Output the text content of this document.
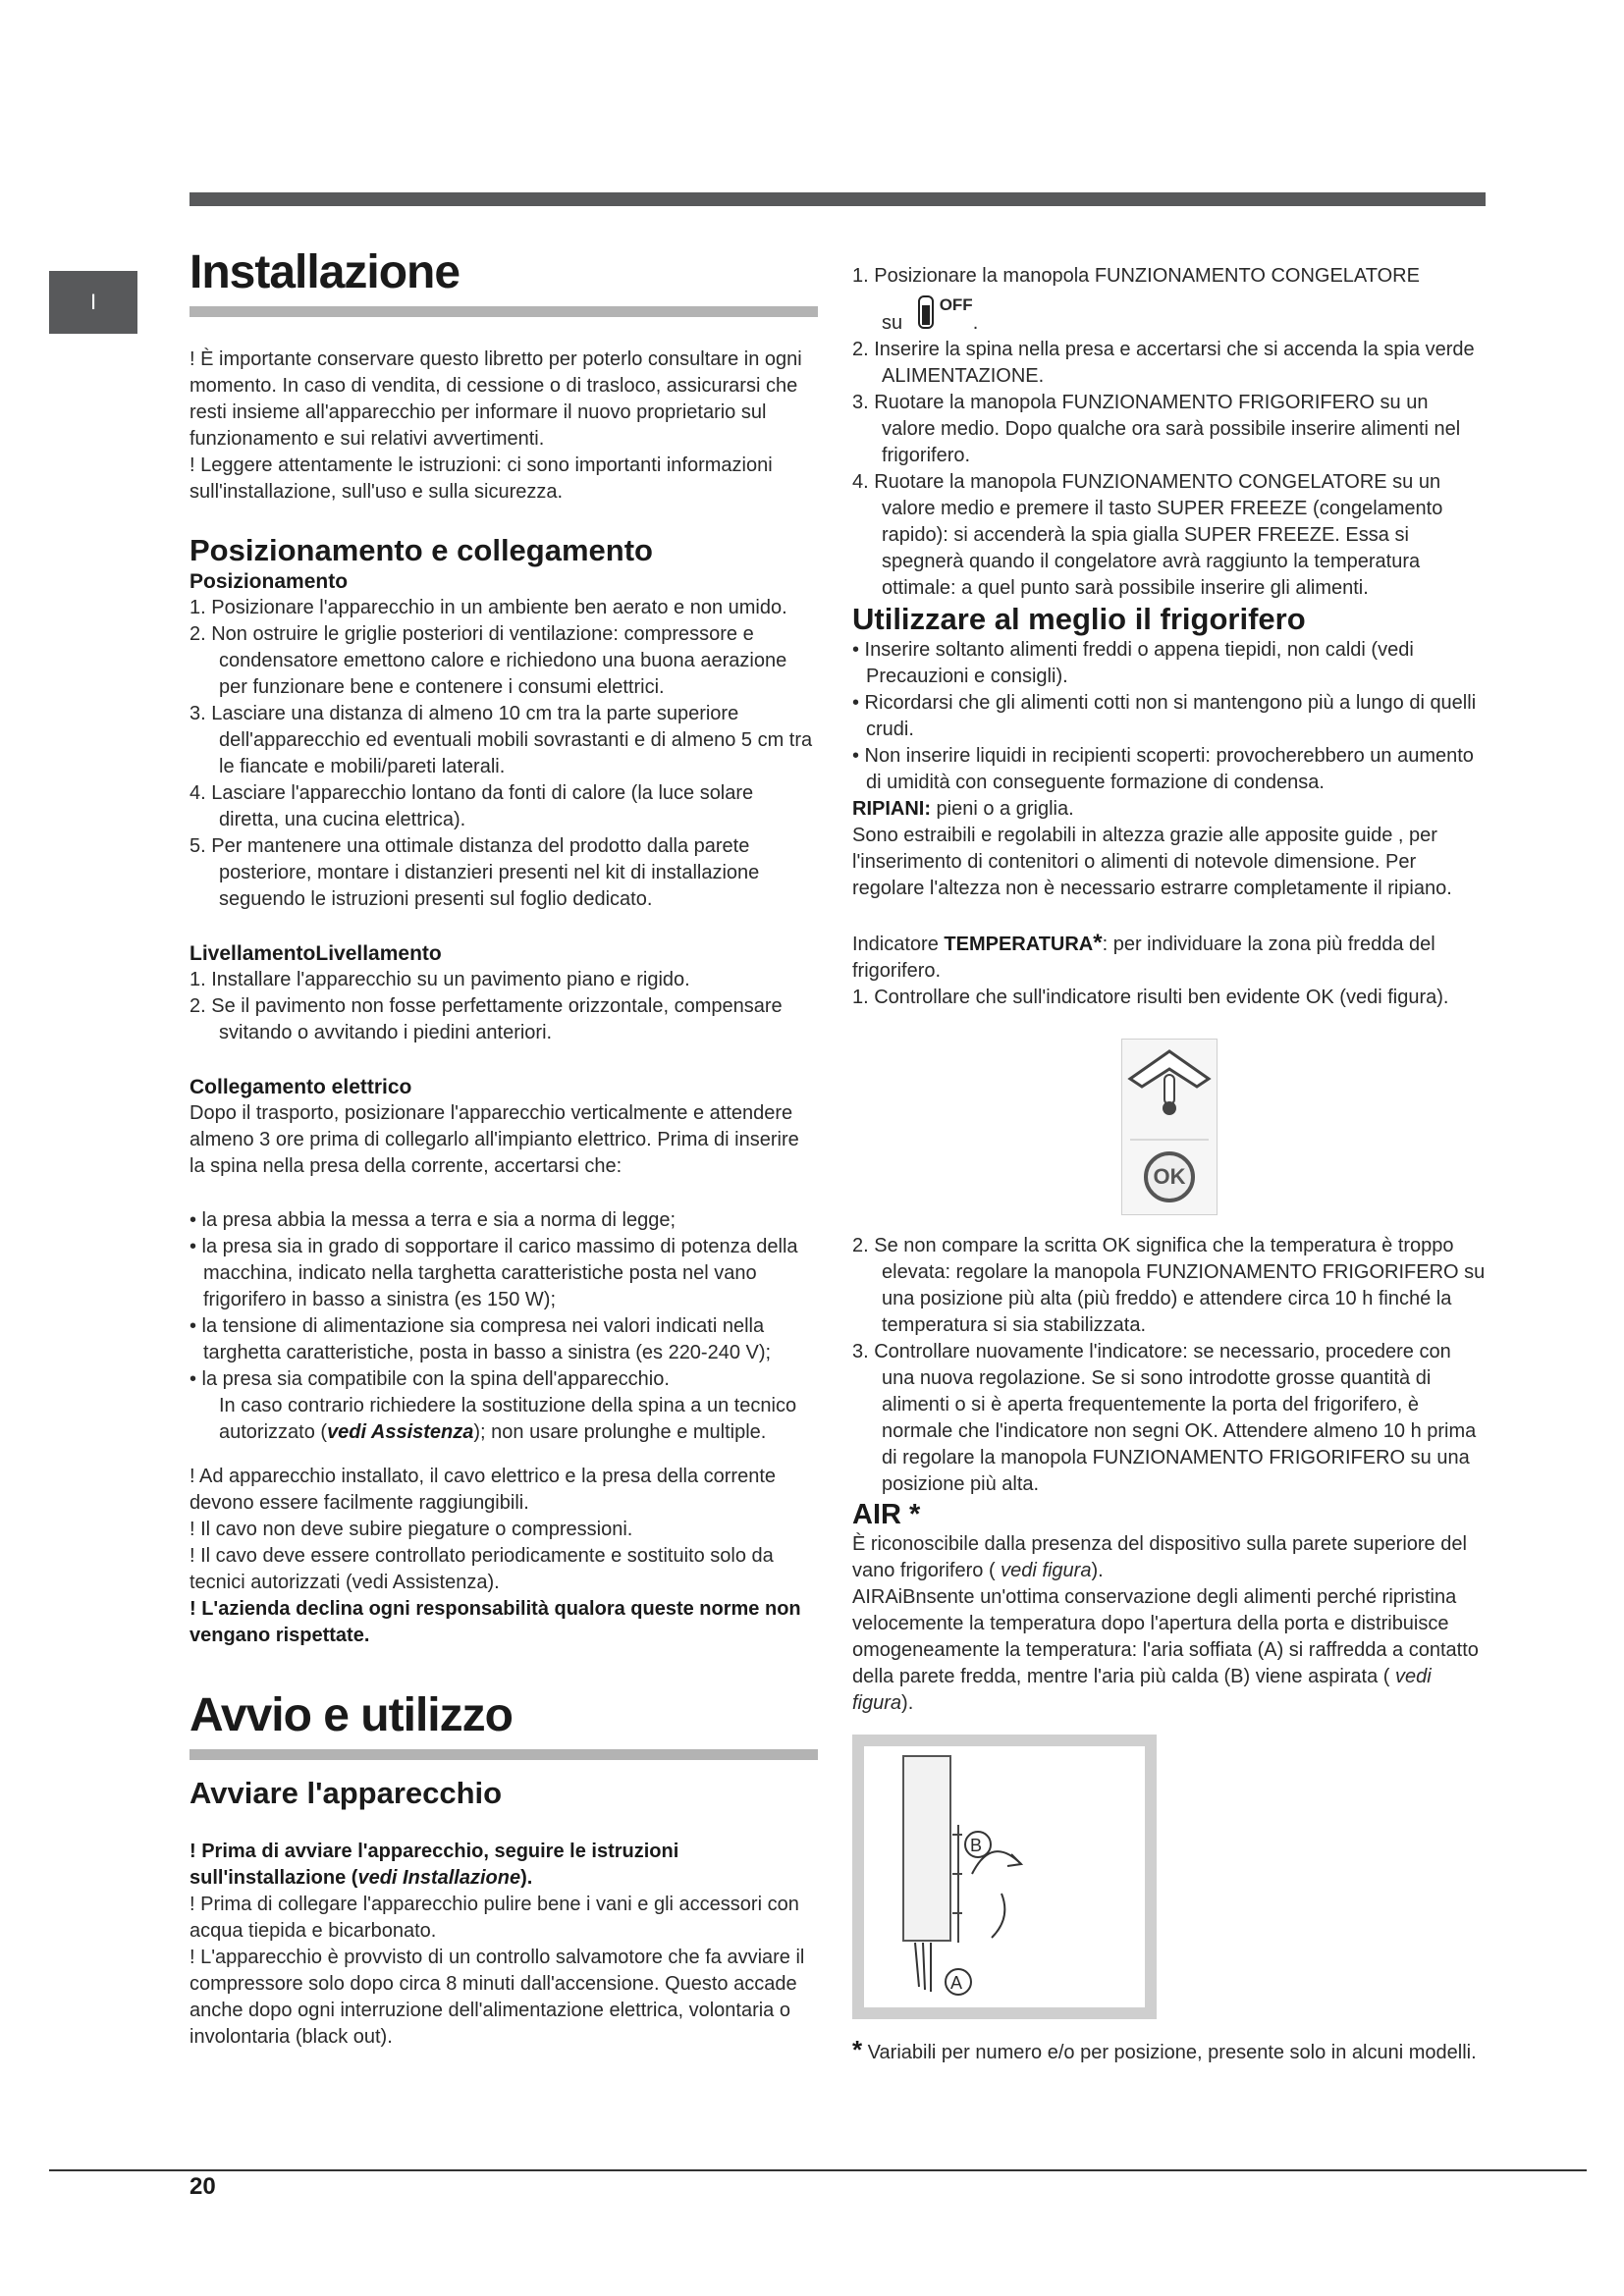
I
Installazione

! È importante conservare questo libretto per poterlo consultare in ogni momento. In caso di vendita, di cessione o di trasloco, assicurarsi che resti insieme all'apparecchio per informare il nuovo proprietario sul funzionamento e sui relativi avvertimenti.

! Leggere attentamente le istruzioni: ci sono importanti informazioni sull'installazione, sull'uso e sulla sicurezza.

Posizionamento e collegamento
Posizionamento
1. Posizionare l'apparecchio in un ambiente ben aerato e non umido.
2. Non ostruire le griglie posteriori di ventilazione: compressore e condensatore emettono calore e richiedono una buona aerazione per funzionare bene e contenere i consumi elettrici.
3. Lasciare una distanza di almeno 10 cm tra la parte superiore dell'apparecchio ed eventuali mobili sovrastanti e di almeno 5 cm tra le fiancate e mobili/pareti laterali.
4. Lasciare l'apparecchio lontano da fonti di calore (la luce solare diretta, una cucina elettrica).
5. Per mantenere una ottimale distanza del prodotto dalla parete posteriore, montare i distanzieri presenti nel kit di installazione seguendo le istruzioni presenti sul foglio dedicato.
LivellamentoLivellamento
1. Installare l'apparecchio su un pavimento piano e rigido.
2. Se il pavimento non fosse perfettamente orizzontale, compensare svitando o avvitando i piedini anteriori.
Collegamento elettrico

Dopo il trasporto, posizionare l'apparecchio verticalmente e attendere almeno 3 ore prima di collegarlo all'impianto elettrico. Prima di inserire la spina nella presa della corrente, accertarsi che:

• la presa abbia la messa a terra e sia a norma di legge;
• la presa sia in grado di sopportare il carico massimo di potenza della macchina, indicato nella targhetta caratteristiche posta nel vano frigorifero in basso a sinistra (es 150 W);
• la tensione di alimentazione sia compresa nei valori indicati nella targhetta caratteristiche, posta in basso a sinistra (es 220-240 V);
• la presa sia compatibile con la spina dell'apparecchio.

In caso contrario richiedere la sostituzione della spina a un tecnico autorizzato (vedi Assistenza); non usare prolunghe e multiple.

! Ad apparecchio installato, il cavo elettrico e la presa della corrente devono essere facilmente raggiungibili.

! Il cavo non deve subire piegature o compressioni.

! Il cavo deve essere controllato periodicamente e sostituito solo da tecnici autorizzati (vedi Assistenza).

! L'azienda declina ogni responsabilità qualora queste norme non vengano rispettate.

Avvio e utilizzo
Avviare l'apparecchio

! Prima di avviare l'apparecchio, seguire le istruzioni sull'installazione (vedi Installazione).

! Prima di collegare l'apparecchio pulire bene i vani e gli accessori con acqua tiepida e bicarbonato.

! L'apparecchio è provvisto di un controllo salvamotore che fa avviare il compressore solo dopo circa 8 minuti dall'accensione. Questo accade anche dopo ogni interruzione dell'alimentazione elettrica, volontaria o involontaria (black out).

1. Posizionare la manopola FUNZIONAMENTO CONGELATORE

su
OFF
.

2. Inserire la spina nella presa e accertarsi che si accenda la spia verde ALIMENTAZIONE.
3. Ruotare la manopola FUNZIONAMENTO FRIGORIFERO su un valore medio. Dopo qualche ora sarà possibile inserire alimenti nel frigorifero.
4. Ruotare la manopola FUNZIONAMENTO CONGELATORE su un valore medio e premere il tasto SUPER FREEZE (congelamento rapido): si accenderà la spia gialla SUPER FREEZE. Essa si spegnerà quando il congelatore avrà raggiunto la temperatura ottimale: a quel punto sarà possibile inserire gli alimenti.
Utilizzare al meglio il frigorifero
• Inserire soltanto alimenti freddi o appena tiepidi, non caldi (vedi Precauzioni e consigli).
• Ricordarsi che gli alimenti cotti non si mantengono più a lungo di quelli crudi.
• Non inserire liquidi in recipienti scoperti: provocherebbero un aumento di umidità con conseguente formazione di condensa.

RIPIANI: pieni o a griglia.

Sono estraibili e regolabili in altezza grazie alle apposite guide , per l'inserimento di contenitori o alimenti di notevole dimensione. Per regolare l'altezza non è necessario estrarre completamente il ripiano.

Indicatore TEMPERATURA*: per individuare la zona più fredda del frigorifero.

1. Controllare che sull'indicatore risulti ben evidente OK (vedi figura).
OK
2. Se non compare la scritta OK significa che la temperatura è troppo elevata: regolare la manopola FUNZIONAMENTO FRIGORIFERO su una posizione più alta (più freddo) e attendere circa 10 h finché la temperatura si sia stabilizzata.
3. Controllare nuovamente l'indicatore: se necessario, procedere con una nuova regolazione. Se si sono introdotte grosse quantità di alimenti o si è aperta frequentemente la porta del frigorifero, è normale che l'indicatore non segni OK. Attendere almeno 10 h prima di regolare la manopola FUNZIONAMENTO FRIGORIFERO su una posizione più alta.
AIR *

È riconoscibile dalla presenza del dispositivo sulla parete superiore del vano frigorifero ( vedi figura).

AIRAiBnsente un'ottima conservazione degli alimenti perché ripristina velocemente la temperatura dopo l'apertura della porta e distribuisce omogeneamente la temperatura: l'aria soffiata (A) si raffredda a contatto della parete fredda, mentre l'aria più calda (B) viene aspirata ( vedi figura).

B
A

* Variabili per numero e/o per posizione, presente solo in alcuni modelli.

20
